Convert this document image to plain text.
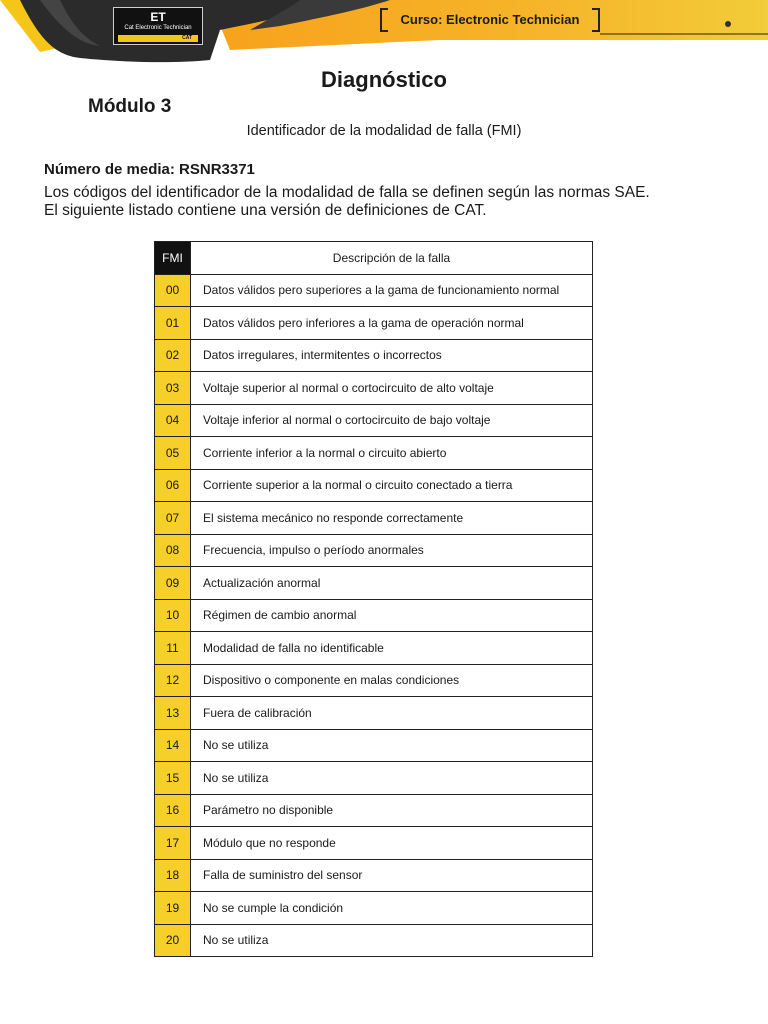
ET
Cat Electronic Technician
CAT
Curso: Electronic Technician
Diagnóstico
Módulo 3
Identificador de la modalidad de falla (FMI)
Número de media: RSNR3371
Los códigos del identificador de la modalidad de falla se definen según las normas SAE.
El siguiente listado contiene una versión de definiciones de CAT.
FMI	Descripción de la falla
00	Datos válidos pero superiores a la gama de funcionamiento normal
01	Datos válidos pero inferiores a la gama de operación normal
02	Datos irregulares, intermitentes o incorrectos
03	Voltaje superior al normal o cortocircuito de alto voltaje
04	Voltaje inferior al normal o cortocircuito de bajo voltaje
05	Corriente inferior a la normal o circuito abierto
06	Corriente superior a la normal o circuito conectado a tierra
07	El sistema mecánico no responde correctamente
08	Frecuencia, impulso o período anormales
09	Actualización anormal
10	Régimen de cambio anormal
11	Modalidad de falla no identificable
12	Dispositivo o componente en malas condiciones
13	Fuera de calibración
14	No se utiliza
15	No se utiliza
16	Parámetro no disponible
17	Módulo que no responde
18	Falla de suministro del sensor
19	No se cumple la condición
20	No se utiliza
